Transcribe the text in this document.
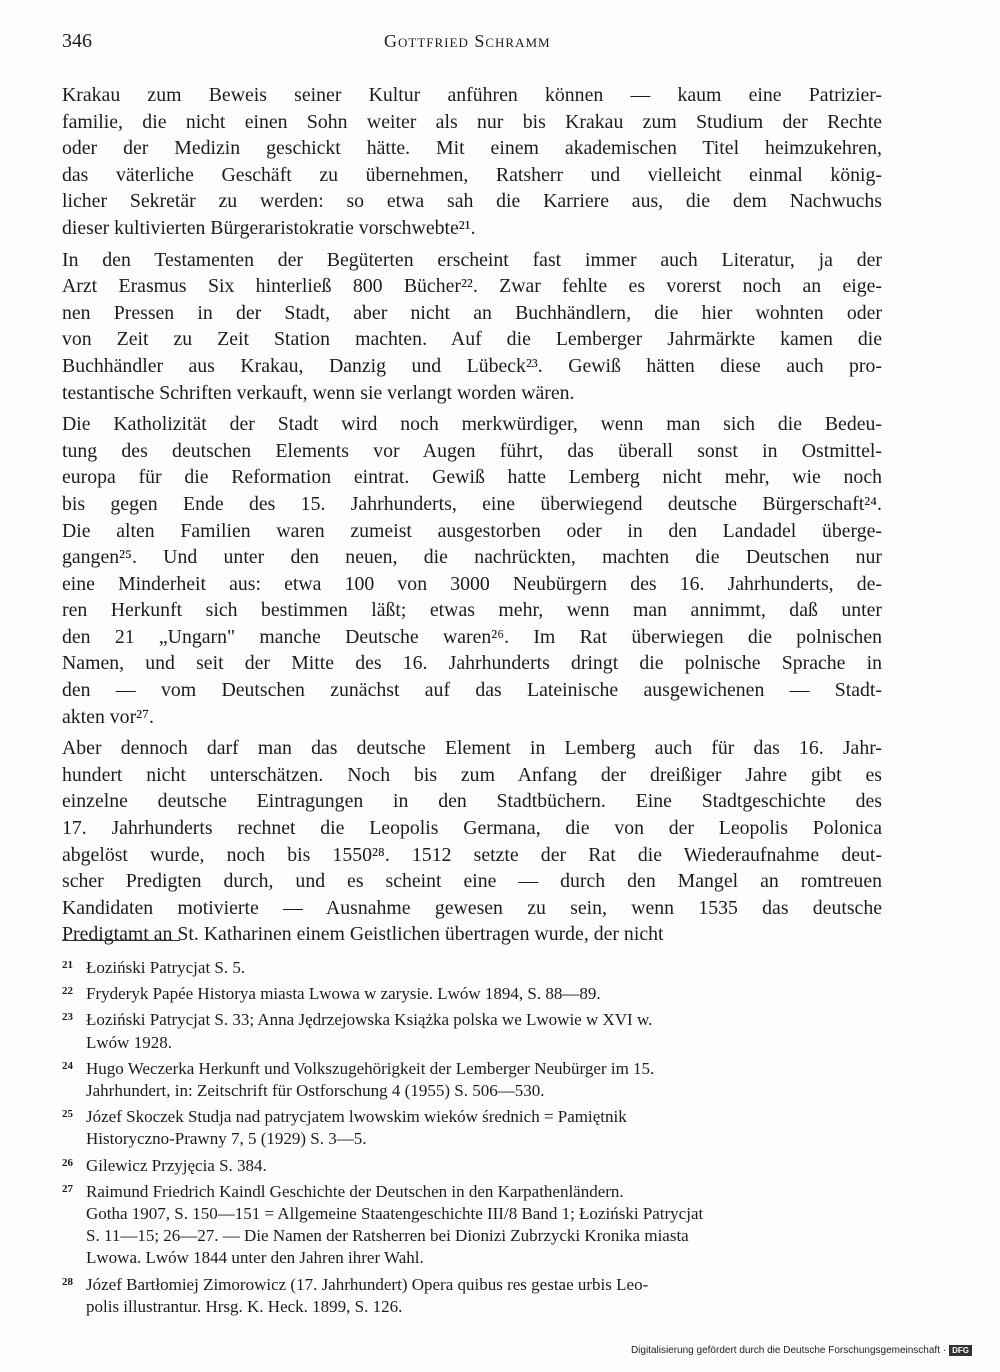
346	Gottfried Schramm

Krakau zum Beweis seiner Kultur anführen können — kaum eine Patrizier-
familie, die nicht einen Sohn weiter als nur bis Krakau zum Studium der Rechte
oder der Medizin geschickt hätte. Mit einem akademischen Titel heimzukehren,
das väterliche Geschäft zu übernehmen, Ratsherr und vielleicht einmal könig-
licher Sekretär zu werden: so etwa sah die Karriere aus, die dem Nachwuchs
dieser kultivierten Bürgeraristokratie vorschwebte²¹.

In den Testamenten der Begüterten erscheint fast immer auch Literatur, ja der
Arzt Erasmus Six hinterließ 800 Bücher²². Zwar fehlte es vorerst noch an eige-
nen Pressen in der Stadt, aber nicht an Buchhändlern, die hier wohnten oder
von Zeit zu Zeit Station machten. Auf die Lemberger Jahrmärkte kamen die
Buchhändler aus Krakau, Danzig und Lübeck²³. Gewiß hätten diese auch pro-
testantische Schriften verkauft, wenn sie verlangt worden wären.

Die Katholizität der Stadt wird noch merkwürdiger, wenn man sich die Bedeu-
tung des deutschen Elements vor Augen führt, das überall sonst in Ostmittel-
europa für die Reformation eintrat. Gewiß hatte Lemberg nicht mehr, wie noch
bis gegen Ende des 15. Jahrhunderts, eine überwiegend deutsche Bürgerschaft²⁴.
Die alten Familien waren zumeist ausgestorben oder in den Landadel überge-
gangen²⁵. Und unter den neuen, die nachrückten, machten die Deutschen nur
eine Minderheit aus: etwa 100 von 3000 Neubürgern des 16. Jahrhunderts, de-
ren Herkunft sich bestimmen läßt; etwas mehr, wenn man annimmt, daß unter
den 21 „Ungarn" manche Deutsche waren²⁶. Im Rat überwiegen die polnischen
Namen, und seit der Mitte des 16. Jahrhunderts dringt die polnische Sprache in
den — vom Deutschen zunächst auf das Lateinische ausgewichenen — Stadt-
akten vor²⁷.

Aber dennoch darf man das deutsche Element in Lemberg auch für das 16. Jahr-
hundert nicht unterschätzen. Noch bis zum Anfang der dreißiger Jahre gibt es
einzelne deutsche Eintragungen in den Stadtbüchern. Eine Stadtgeschichte des
17. Jahrhunderts rechnet die Leopolis Germana, die von der Leopolis Polonica
abgelöst wurde, noch bis 1550²⁸. 1512 setzte der Rat die Wiederaufnahme deut-
scher Predigten durch, und es scheint eine — durch den Mangel an romtreuen
Kandidaten motivierte — Ausnahme gewesen zu sein, wenn 1535 das deutsche
Predigtamt an St. Katharinen einem Geistlichen übertragen wurde, der nicht

21 Łoziński Patrycjat S. 5.
22 Fryderyk Papée Historya miasta Lwowa w zarysie. Lwów 1894, S. 88—89.
23 Łoziński Patrycjat S. 33; Anna Jędrzejowska Książka polska we Lwowie w XVI w.
Lwów 1928.
24 Hugo Weczerka Herkunft und Volkszugehörigkeit der Lemberger Neubürger im 15.
Jahrhundert, in: Zeitschrift für Ostforschung 4 (1955) S. 506—530.
25 Józef Skoczek Studja nad patrycjatem lwowskim wieków średnich = Pamiętnik
Historyczno-Prawny 7, 5 (1929) S. 3—5.
26 Gilewicz Przyjęcia S. 384.
27 Raimund Friedrich Kaindl Geschichte der Deutschen in den Karpathenländern.
Gotha 1907, S. 150—151 = Allgemeine Staatengeschichte III/8 Band 1; Łoziński Patrycjat
S. 11—15; 26—27. — Die Namen der Ratsherren bei Dionizi Zubrzycki Kronika miasta
Lwowa. Lwów 1844 unter den Jahren ihrer Wahl.
28 Józef Bartłomiej Zimorowicz (17. Jahrhundert) Opera quibus res gestae urbis Leo-
polis illustrantur. Hrsg. K. Heck. 1899, S. 126.
Digitalisierung gefördert durch die Deutsche Forschungsgemeinschaft · DFG
